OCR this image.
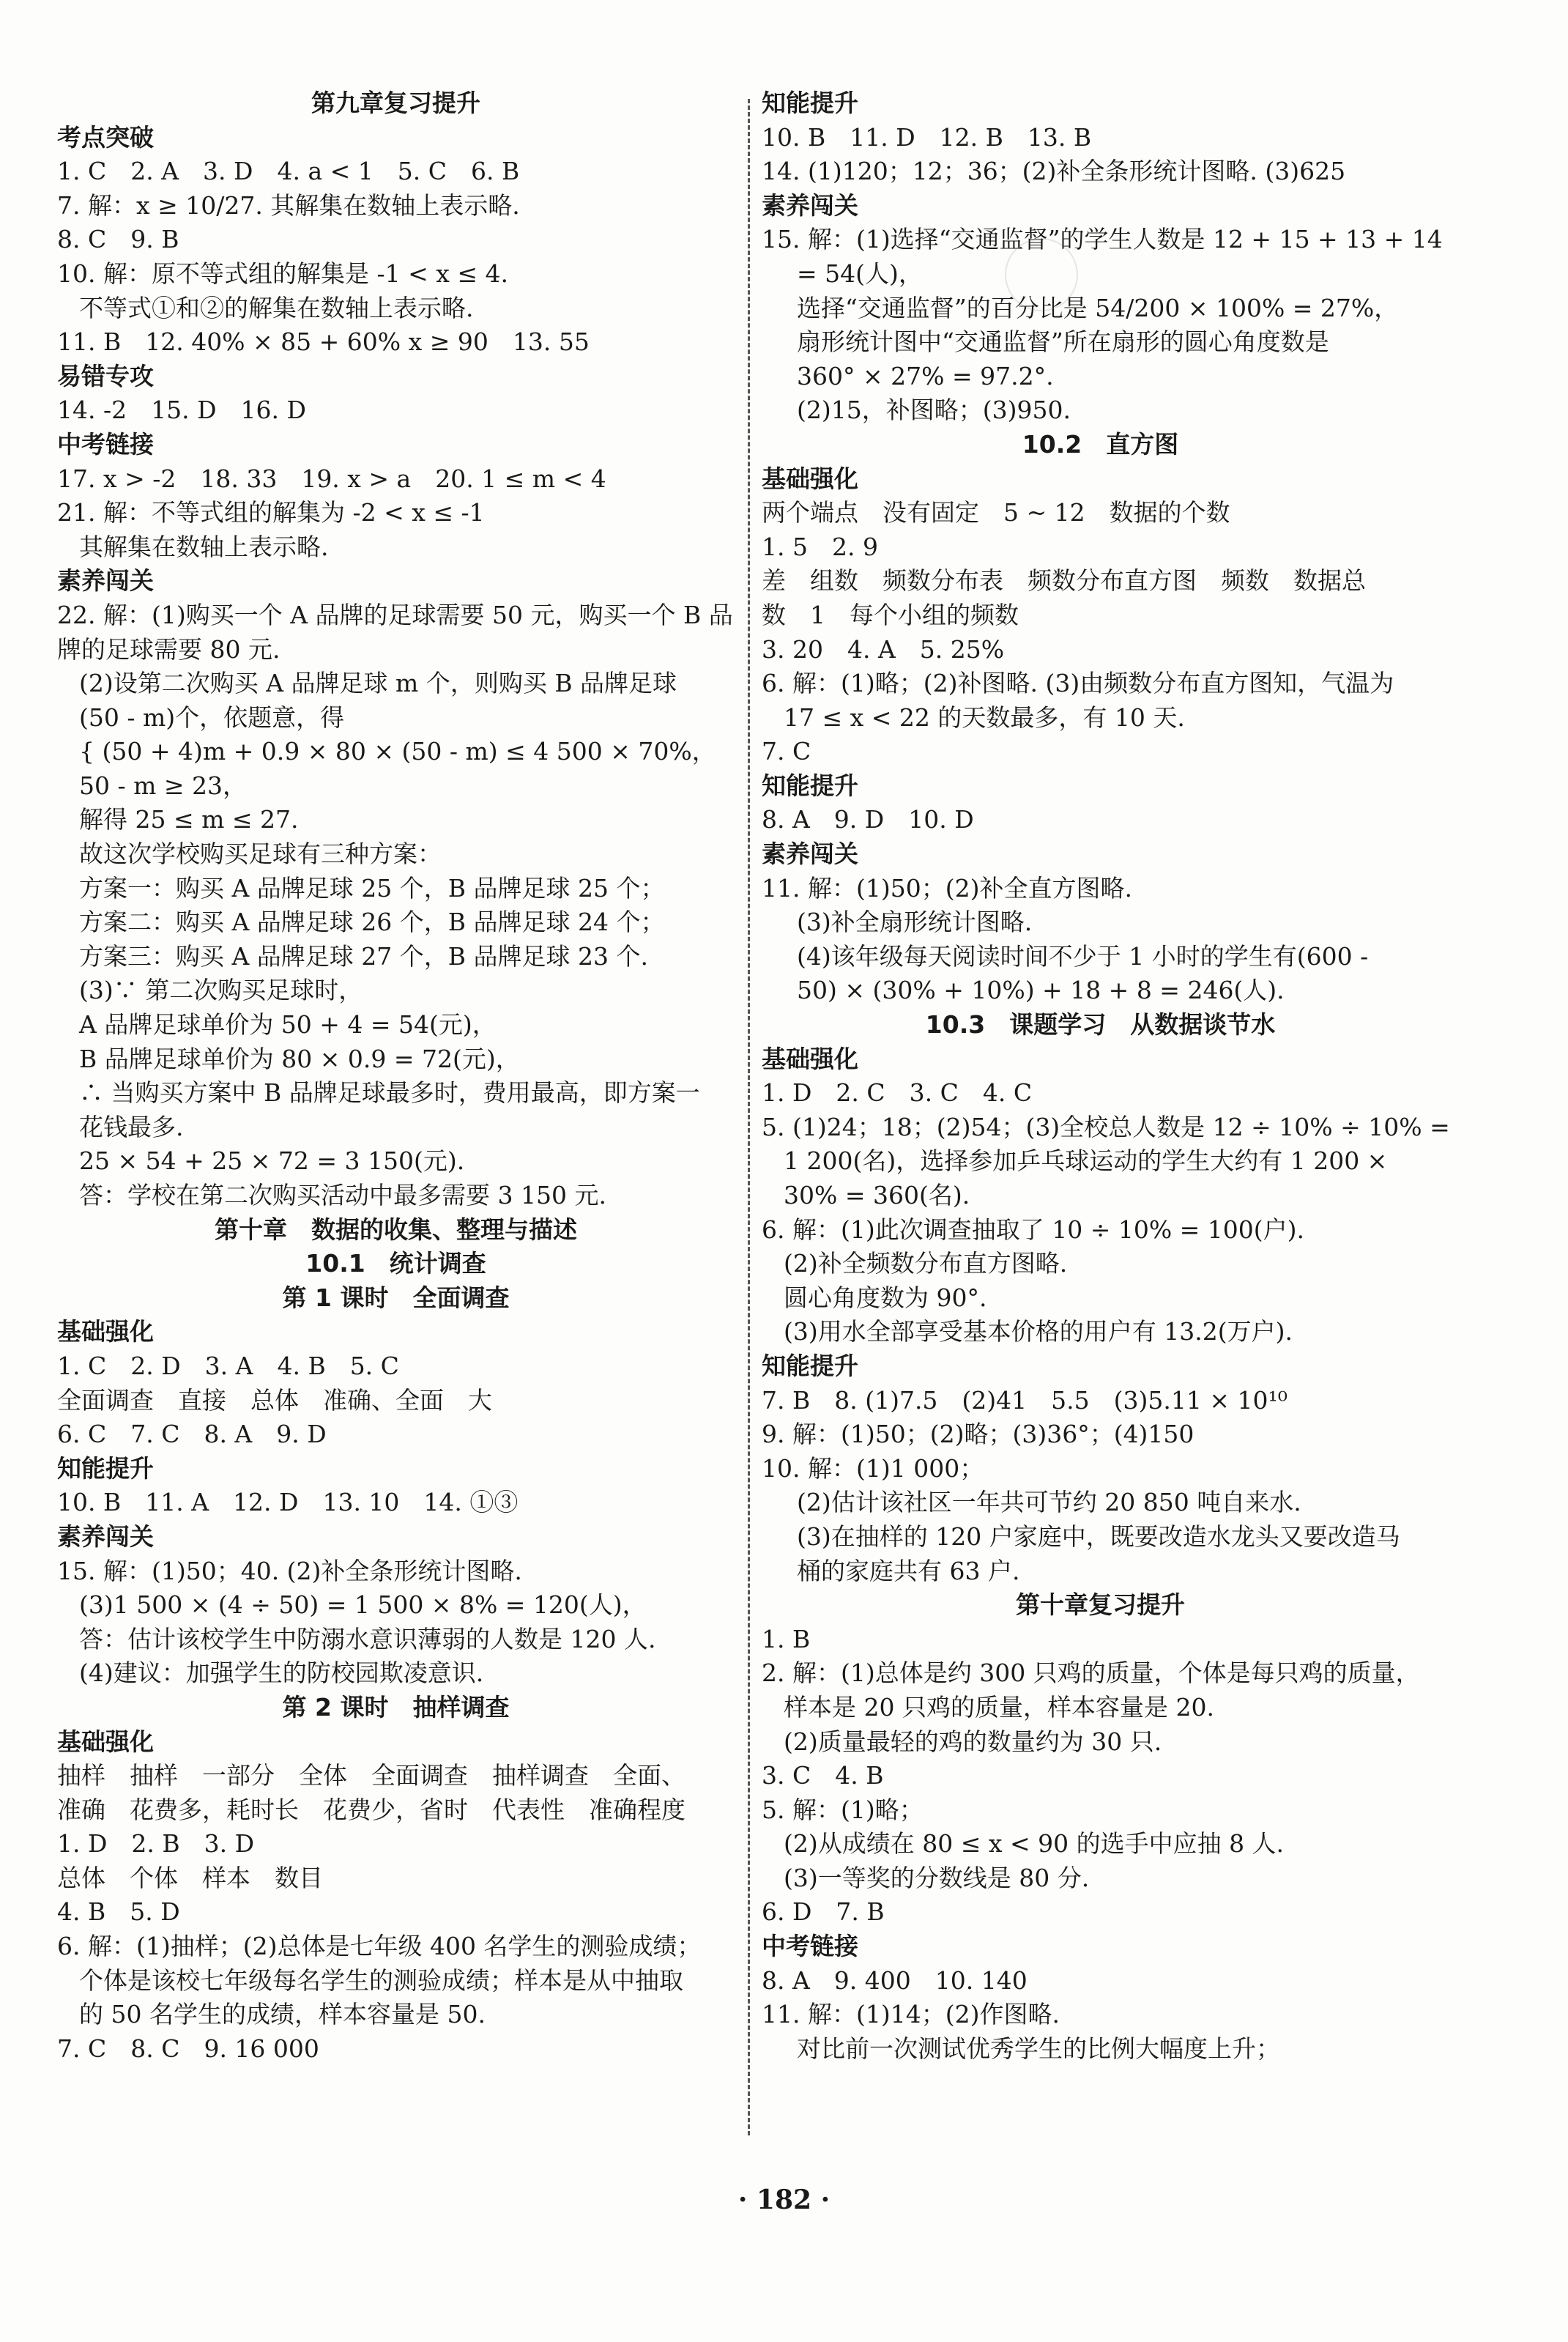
第九章复习提升
考点突破
1. C　2. A　3. D　4. a < 1　5. C　6. B
7. 解：x ≥ 10/27. 其解集在数轴上表示略.
8. C　9. B
10. 解：原不等式组的解集是 -1 < x ≤ 4.
不等式①和②的解集在数轴上表示略.
11. B　12. 40% × 85 + 60% x ≥ 90　13. 55
易错专攻
14. -2　15. D　16. D
中考链接
17. x > -2　18. 33　19. x > a　20. 1 ≤ m < 4
21. 解：不等式组的解集为 -2 < x ≤ -1
其解集在数轴上表示略.
素养闯关
22. 解：(1)购买一个 A 品牌的足球需要 50 元，购买一个 B 品
牌的足球需要 80 元.
(2)设第二次购买 A 品牌足球 m 个，则购买 B 品牌足球
(50 - m)个，依题意，得
{ (50 + 4)m + 0.9 × 80 × (50 - m) ≤ 4 500 × 70%，
50 - m ≥ 23，
解得 25 ≤ m ≤ 27.
故这次学校购买足球有三种方案：
方案一：购买 A 品牌足球 25 个，B 品牌足球 25 个；
方案二：购买 A 品牌足球 26 个，B 品牌足球 24 个；
方案三：购买 A 品牌足球 27 个，B 品牌足球 23 个.
(3)∵ 第二次购买足球时，
A 品牌足球单价为 50 + 4 = 54(元)，
B 品牌足球单价为 80 × 0.9 = 72(元)，
∴ 当购买方案中 B 品牌足球最多时，费用最高，即方案一
花钱最多.
25 × 54 + 25 × 72 = 3 150(元).
答：学校在第二次购买活动中最多需要 3 150 元.
第十章　数据的收集、整理与描述
10.1　统计调查
第 1 课时　全面调查
基础强化
1. C　2. D　3. A　4. B　5. C
全面调查　直接　总体　准确、全面　大
6. C　7. C　8. A　9. D
知能提升
10. B　11. A　12. D　13. 10　14. ①③
素养闯关
15. 解：(1)50；40. (2)补全条形统计图略.
(3)1 500 × (4 ÷ 50) = 1 500 × 8% = 120(人)，
答：估计该校学生中防溺水意识薄弱的人数是 120 人.
(4)建议：加强学生的防校园欺凌意识.
第 2 课时　抽样调查
基础强化
抽样　抽样　一部分　全体　全面调查　抽样调查　全面、
准确　花费多，耗时长　花费少，省时　代表性　准确程度
1. D　2. B　3. D
总体　个体　样本　数目
4. B　5. D
6. 解：(1)抽样；(2)总体是七年级 400 名学生的测验成绩；
个体是该校七年级每名学生的测验成绩；样本是从中抽取
的 50 名学生的成绩，样本容量是 50.
7. C　8. C　9. 16 000
知能提升
10. B　11. D　12. B　13. B
14. (1)120；12；36；(2)补全条形统计图略. (3)625
素养闯关
15. 解：(1)选择“交通监督”的学生人数是 12 + 15 + 13 + 14
= 54(人)，
选择“交通监督”的百分比是 54/200 × 100% = 27%，
扇形统计图中“交通监督”所在扇形的圆心角度数是
360° × 27% = 97.2°.
(2)15，补图略；(3)950.
10.2　直方图
基础强化
两个端点　没有固定　5 ~ 12　数据的个数
1. 5　2. 9
差　组数　频数分布表　频数分布直方图　频数　数据总
数　1　每个小组的频数
3. 20　4. A　5. 25%
6. 解：(1)略；(2)补图略. (3)由频数分布直方图知，气温为
17 ≤ x < 22 的天数最多，有 10 天.
7. C
知能提升
8. A　9. D　10. D
素养闯关
11. 解：(1)50；(2)补全直方图略.
(3)补全扇形统计图略.
(4)该年级每天阅读时间不少于 1 小时的学生有(600 -
50) × (30% + 10%) + 18 + 8 = 246(人).
10.3　课题学习　从数据谈节水
基础强化
1. D　2. C　3. C　4. C
5. (1)24；18；(2)54；(3)全校总人数是 12 ÷ 10% ÷ 10% =
1 200(名)，选择参加乒乓球运动的学生大约有 1 200 ×
30% = 360(名).
6. 解：(1)此次调查抽取了 10 ÷ 10% = 100(户).
(2)补全频数分布直方图略.
圆心角度数为 90°.
(3)用水全部享受基本价格的用户有 13.2(万户).
知能提升
7. B　8. (1)7.5　(2)41　5.5　(3)5.11 × 10¹⁰
9. 解：(1)50；(2)略；(3)36°；(4)150
10. 解：(1)1 000；
(2)估计该社区一年共可节约 20 850 吨自来水.
(3)在抽样的 120 户家庭中，既要改造水龙头又要改造马
桶的家庭共有 63 户.
第十章复习提升
1. B
2. 解：(1)总体是约 300 只鸡的质量，个体是每只鸡的质量，
样本是 20 只鸡的质量，样本容量是 20.
(2)质量最轻的鸡的数量约为 30 只.
3. C　4. B
5. 解：(1)略；
(2)从成绩在 80 ≤ x < 90 的选手中应抽 8 人.
(3)一等奖的分数线是 80 分.
6. D　7. B
中考链接
8. A　9. 400　10. 140
11. 解：(1)14；(2)作图略.
对比前一次测试优秀学生的比例大幅度上升；
· 182 ·
